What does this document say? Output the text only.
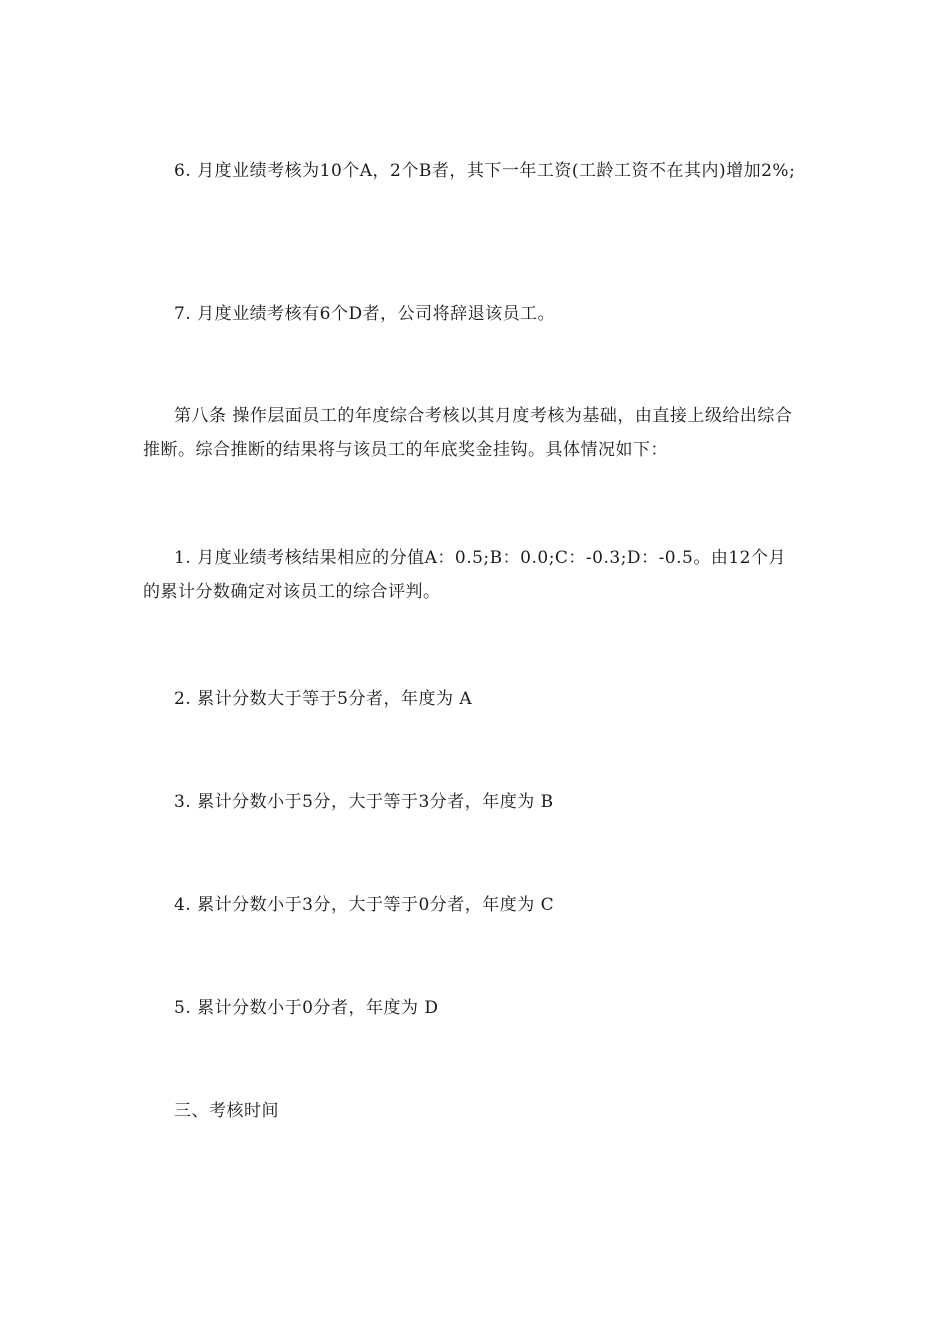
6. 月度业绩考核为10个A，2个B者，其下一年工资(工龄工资不在其内)增加2%;

7. 月度业绩考核有6个D者，公司将辞退该员工。

第八条 操作层面员工的年度综合考核以其月度考核为基础，由直接上级给出综合推断。综合推断的结果将与该员工的年底奖金挂钩。具体情况如下：

1. 月度业绩考核结果相应的分值A：0.5;B：0.0;C：-0.3;D：-0.5。由12个月的累计分数确定对该员工的综合评判。

2. 累计分数大于等于5分者，年度为 A

3. 累计分数小于5分，大于等于3分者，年度为 B

4. 累计分数小于3分，大于等于0分者，年度为 C

5. 累计分数小于0分者，年度为 D

三、考核时间
